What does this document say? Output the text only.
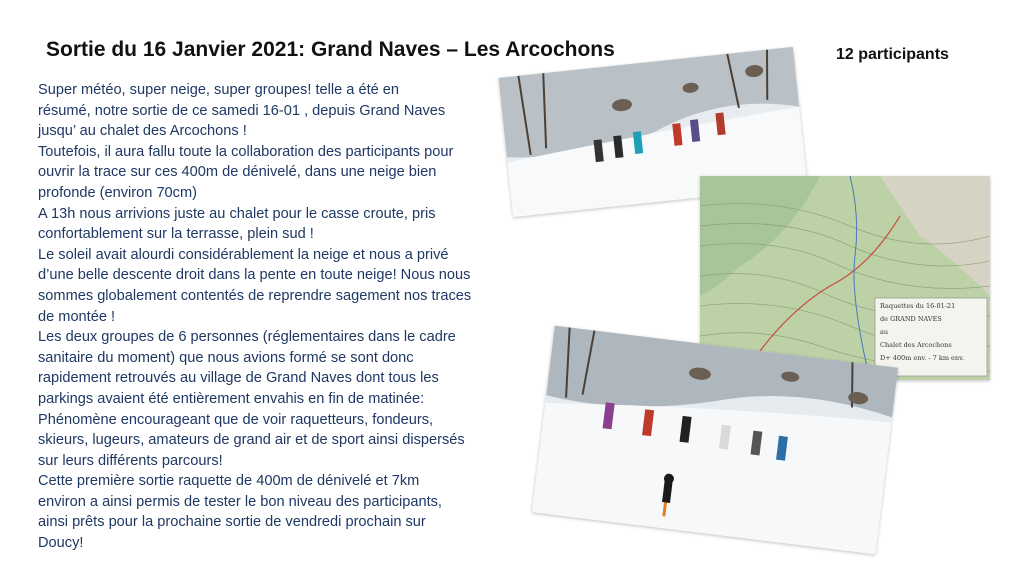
Sortie du 16 Janvier 2021: Grand Naves – Les Arcochons	12 participants
Super météo, super neige, super groupes! telle a été en
résumé, notre sortie de ce samedi 16-01 , depuis Grand Naves
jusqu’ au chalet des Arcochons !
Toutefois, il aura fallu toute la collaboration des participants pour
ouvrir la trace sur ces 400m de dénivelé, dans une neige bien
profonde (environ 70cm)
A 13h nous arrivions juste au chalet pour le casse croute, pris
confortablement sur la terrasse, plein sud !
Le soleil avait alourdi considérablement la neige et nous a privé
d’une belle descente droit dans la pente en toute neige! Nous nous
sommes globalement contentés de reprendre sagement nos traces
de montée !
Les deux groupes de 6 personnes (réglementaires dans le cadre
sanitaire du moment) que nous avions formé se sont donc
rapidement retrouvés au village de Grand Naves dont tous les
parkings avaient été entièrement envahis en fin de matinée:
Phénomène encourageant que de voir raquetteurs, fondeurs,
skieurs, lugeurs, amateurs de grand air et de sport ainsi dispersés
sur leurs différents parcours!
Cette première sortie raquette de 400m de dénivelé et 7km
environ a ainsi permis de tester le bon niveau des participants,
ainsi prêts pour la prochaine sortie de vendredi prochain sur
Doucy!
Raquettes du 16-01-21
de GRAND NAVES
au
Chalet des Arcochons
D+ 400m env. - 7 km env.
